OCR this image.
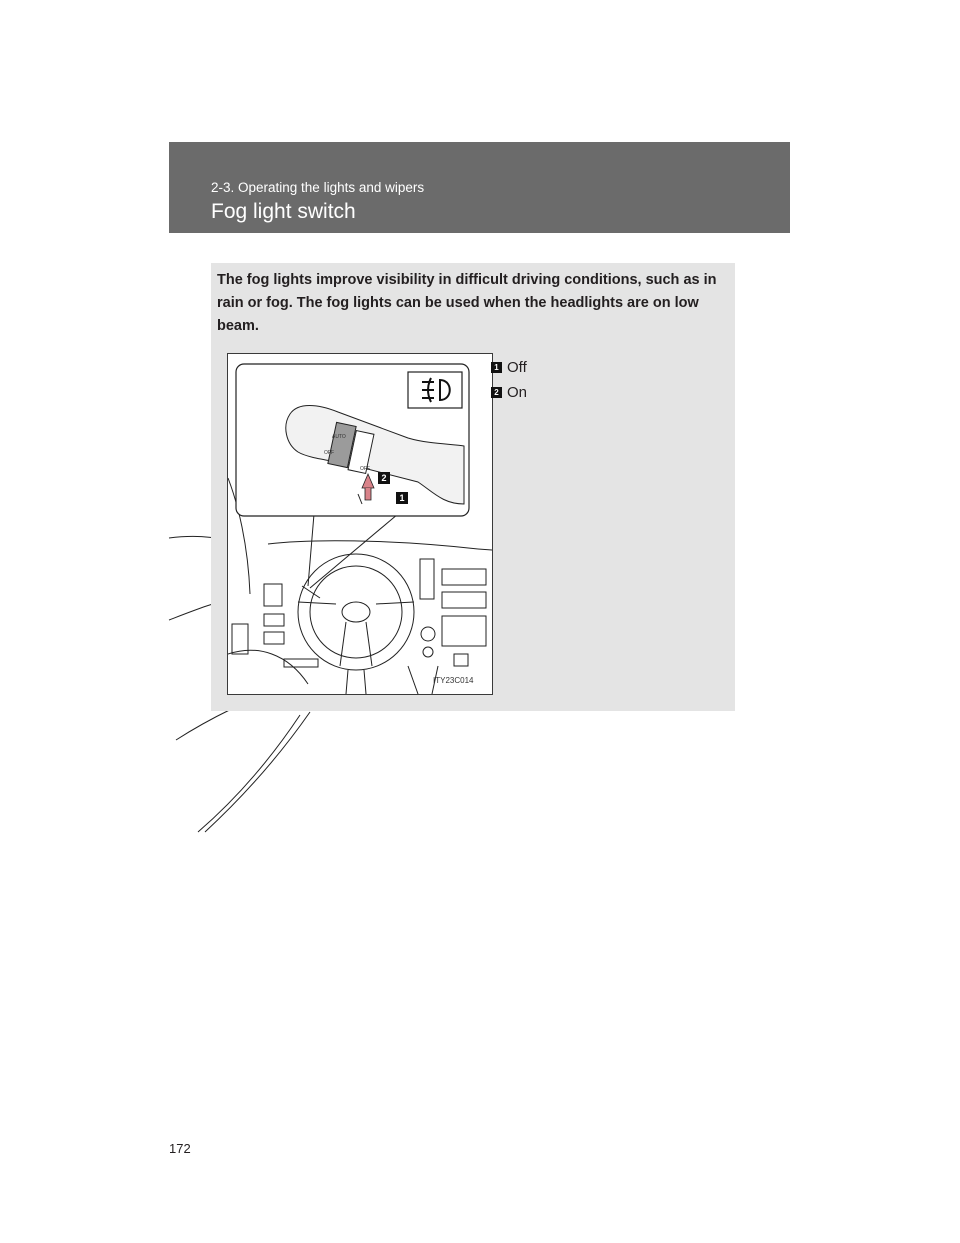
2-3. Operating the lights and wipers
Fog light switch

The fog lights improve visibility in difficult driving conditions, such as in rain or fog. The fog lights can be used when the headlights are on low beam.

AUTO
OFF
OFF
2
1
ITY23C014
1 Off
2 On
172
